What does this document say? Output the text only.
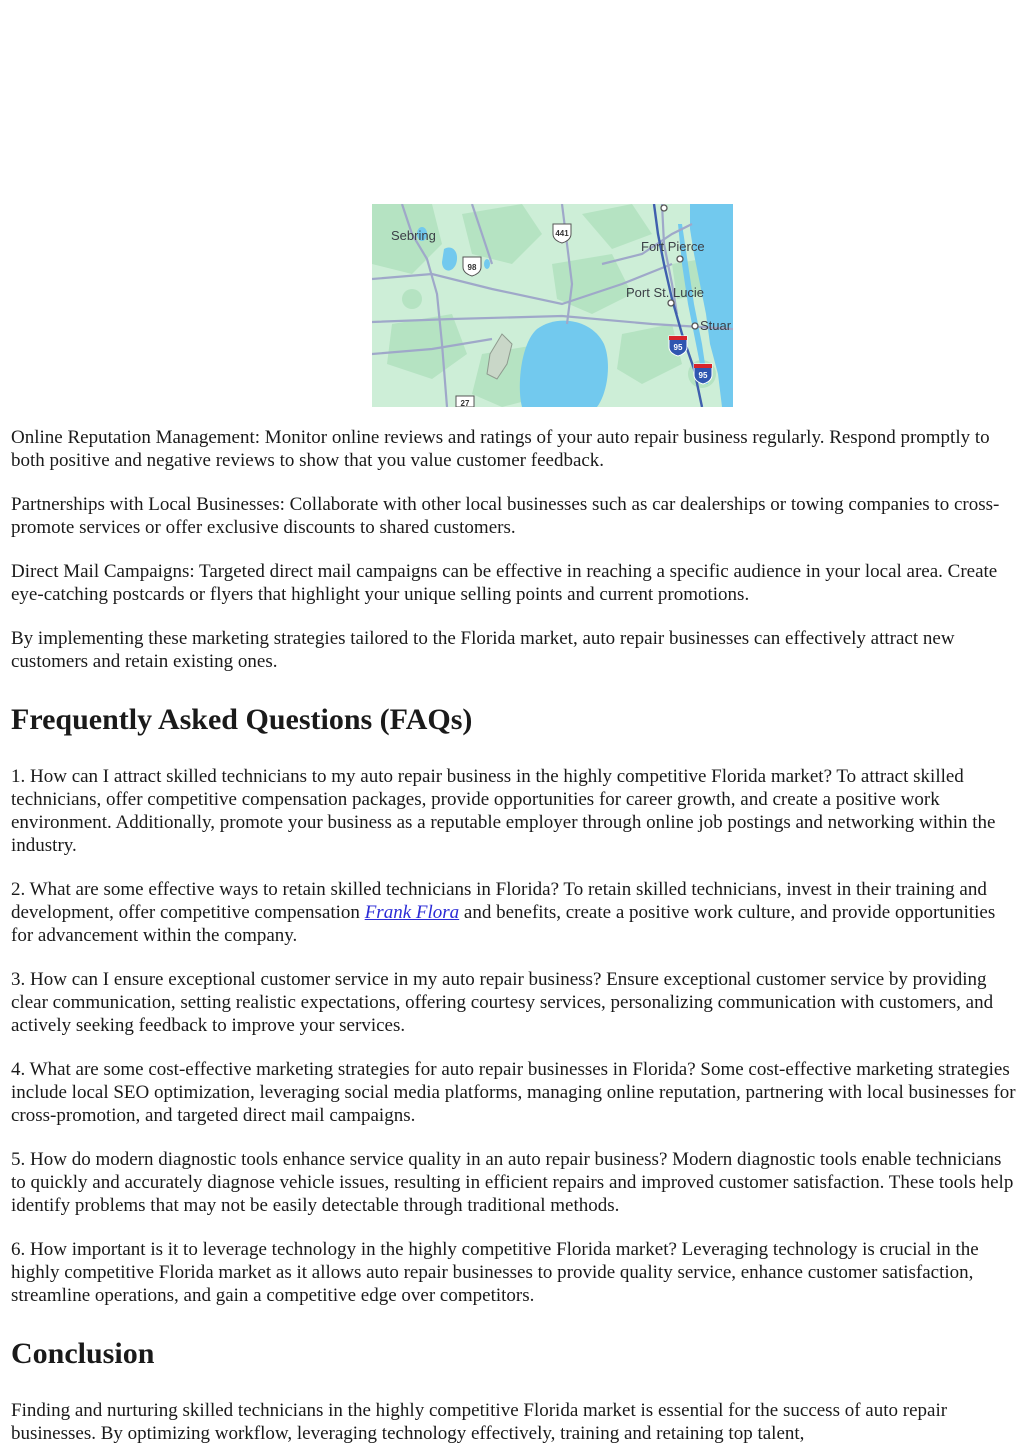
441
98
27
95
95
Sebring
Fort Pierce
Port St. Lucie
Stuar

Online Reputation Management: Monitor online reviews and ratings of your auto repair business regularly. Respond promptly to both positive and negative reviews to show that you value customer feedback.

Partnerships with Local Businesses: Collaborate with other local businesses such as car dealerships or towing companies to cross-promote services or offer exclusive discounts to shared customers.

Direct Mail Campaigns: Targeted direct mail campaigns can be effective in reaching a specific audience in your local area. Create eye-catching postcards or flyers that highlight your unique selling points and current promotions.

By implementing these marketing strategies tailored to the Florida market, auto repair businesses can effectively attract new customers and retain existing ones.

Frequently Asked Questions (FAQs)

1. How can I attract skilled technicians to my auto repair business in the highly competitive Florida market? To attract skilled technicians, offer competitive compensation packages, provide opportunities for career growth, and create a positive work environment. Additionally, promote your business as a reputable employer through online job postings and networking within the industry.

2. What are some effective ways to retain skilled technicians in Florida? To retain skilled technicians, invest in their training and development, offer competitive compensation Frank Flora and benefits, create a positive work culture, and provide opportunities for advancement within the company.

3. How can I ensure exceptional customer service in my auto repair business? Ensure exceptional customer service by providing clear communication, setting realistic expectations, offering courtesy services, personalizing communication with customers, and actively seeking feedback to improve your services.

4. What are some cost-effective marketing strategies for auto repair businesses in Florida? Some cost-effective marketing strategies include local SEO optimization, leveraging social media platforms, managing online reputation, partnering with local businesses for cross-promotion, and targeted direct mail campaigns.

5. How do modern diagnostic tools enhance service quality in an auto repair business? Modern diagnostic tools enable technicians to quickly and accurately diagnose vehicle issues, resulting in efficient repairs and improved customer satisfaction. These tools help identify problems that may not be easily detectable through traditional methods.

6. How important is it to leverage technology in the highly competitive Florida market? Leveraging technology is crucial in the highly competitive Florida market as it allows auto repair businesses to provide quality service, enhance customer satisfaction, streamline operations, and gain a competitive edge over competitors.

Conclusion

Finding and nurturing skilled technicians in the highly competitive Florida market is essential for the success of auto repair businesses. By optimizing workflow, leveraging technology effectively, training and retaining top talent,
